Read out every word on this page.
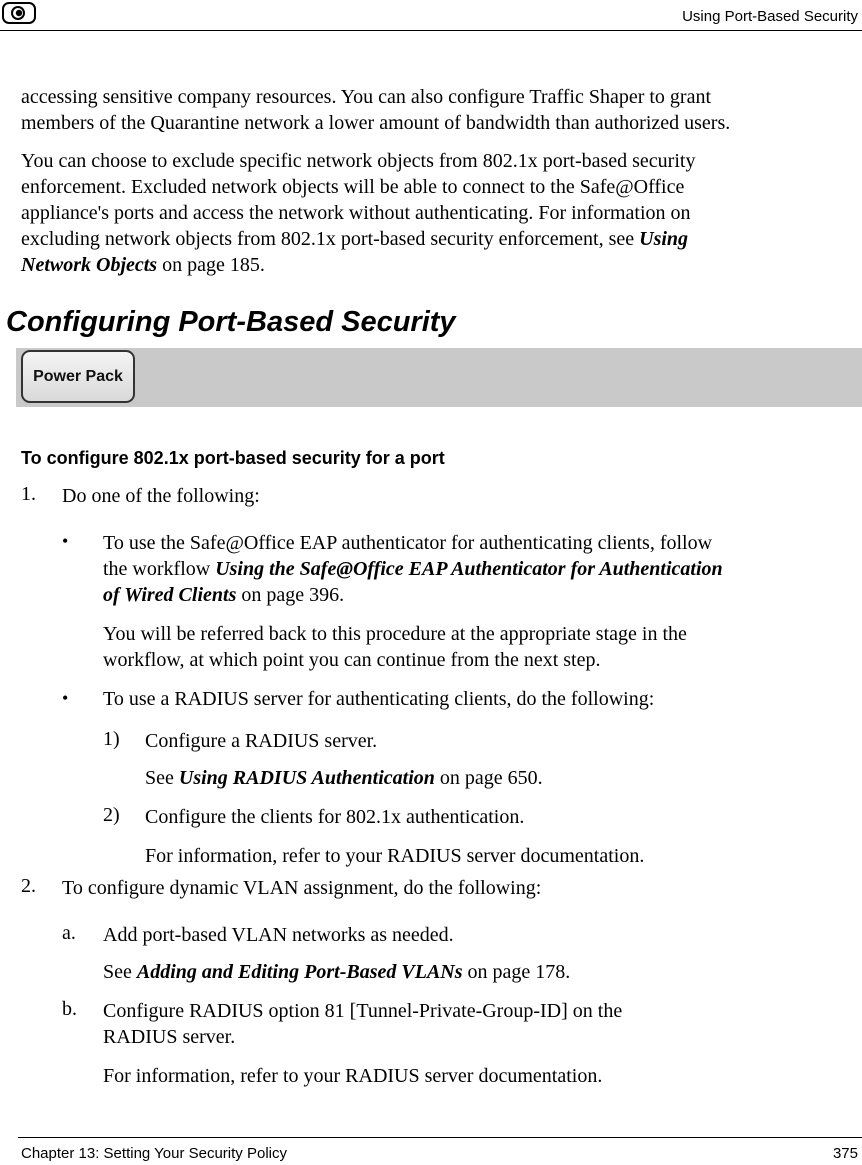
Using Port-Based Security
accessing sensitive company resources. You can also configure Traffic Shaper to grant
members of the Quarantine network a lower amount of bandwidth than authorized users.
You can choose to exclude specific network objects from 802.1x port-based security
enforcement. Excluded network objects will be able to connect to the Safe@Office
appliance's ports and access the network without authenticating. For information on
excluding network objects from 802.1x port-based security enforcement, see Using
Network Objects on page 185.
Configuring Port-Based Security
Power Pack
To configure 802.1x port-based security for a port
1. Do one of the following:
• To use the Safe@Office EAP authenticator for authenticating clients, follow
the workflow Using the Safe@Office EAP Authenticator for Authentication
of Wired Clients on page 396.
You will be referred back to this procedure at the appropriate stage in the
workflow, at which point you can continue from the next step.
• To use a RADIUS server for authenticating clients, do the following:
1) Configure a RADIUS server.
See Using RADIUS Authentication on page 650.
2) Configure the clients for 802.1x authentication.
For information, refer to your RADIUS server documentation.
2. To configure dynamic VLAN assignment, do the following:
a. Add port-based VLAN networks as needed.
See Adding and Editing Port-Based VLANs on page 178.
b. Configure RADIUS option 81 [Tunnel-Private-Group-ID] on the
RADIUS server.
For information, refer to your RADIUS server documentation.
Chapter 13: Setting Your Security Policy	375
